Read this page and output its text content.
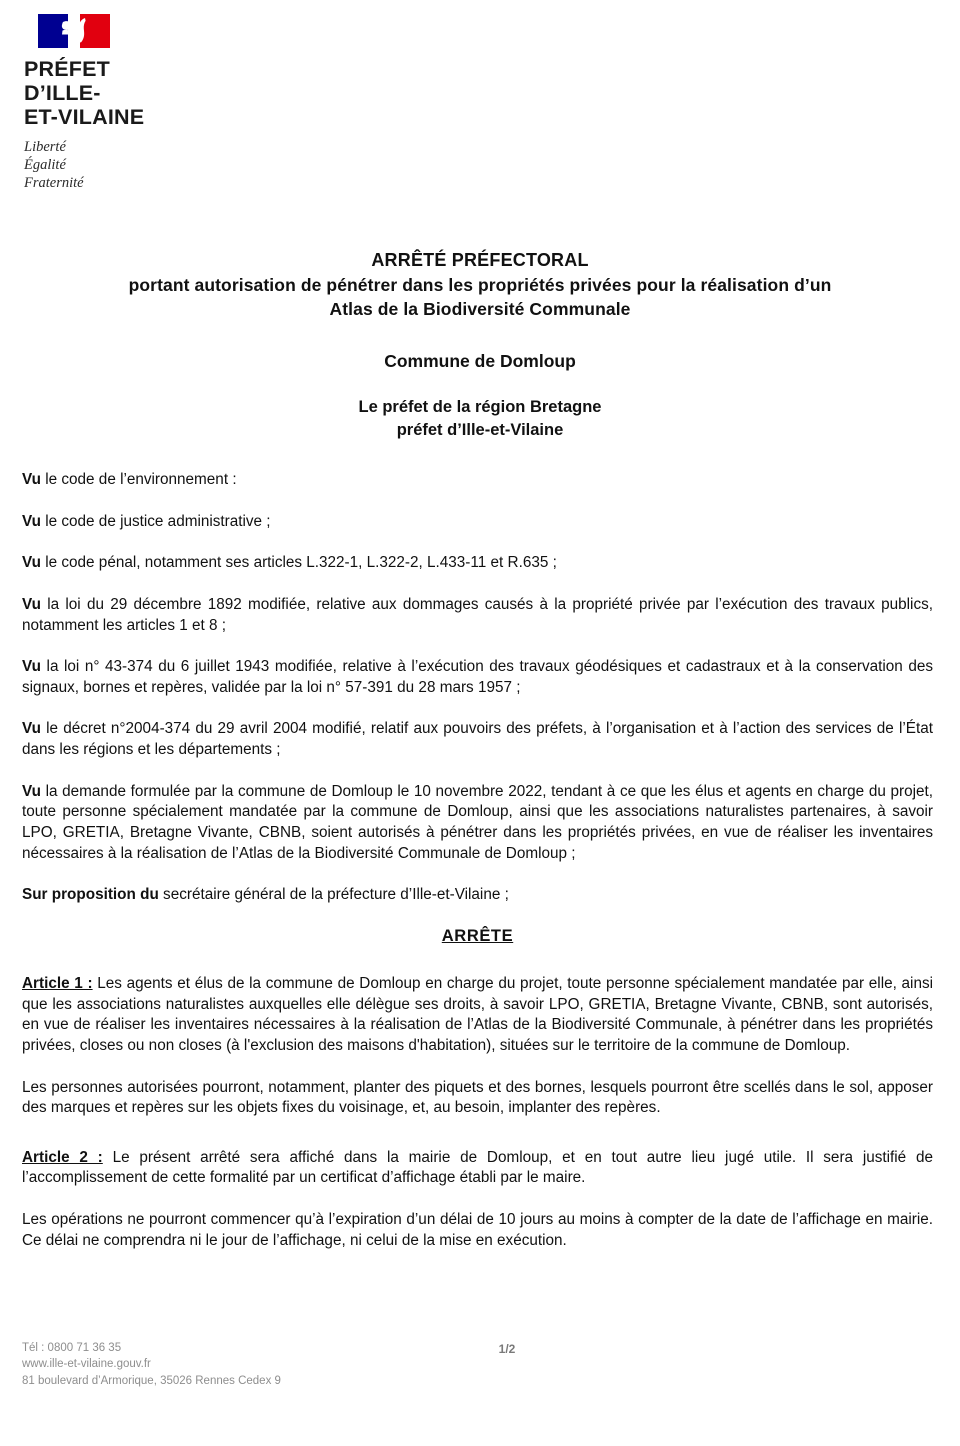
PRÉFET
D’ILLE-
ET-VILAINE
Liberté
Égalité
Fraternité
ARRÊTÉ PRÉFECTORAL
portant autorisation de pénétrer dans les propriétés privées pour la réalisation d’un
Atlas de la Biodiversité Communale
Commune de Domloup
Le préfet de la région Bretagne
préfet d’Ille-et-Vilaine

Vu le code de l’environnement :

Vu le code de justice administrative ;

Vu le code pénal, notamment ses articles L.322-1, L.322-2, L.433-11 et R.635 ;

Vu la loi du 29 décembre 1892 modifiée, relative aux dommages causés à la propriété privée par l’exécution des travaux publics, notamment les articles 1 et 8 ;

Vu la loi n° 43-374 du 6 juillet 1943 modifiée, relative à l’exécution des travaux géodésiques et cadastraux et à la conservation des signaux, bornes et repères, validée par la loi n° 57-391 du 28 mars 1957 ;

Vu le décret n°2004-374 du 29 avril 2004 modifié, relatif aux pouvoirs des préfets, à l’organisation et à l’action des services de l’État dans les régions et les départements ;

Vu la demande formulée par la commune de Domloup le 10 novembre 2022, tendant à ce que les élus et agents en charge du projet, toute personne spécialement mandatée par la commune de Domloup, ainsi que les associations naturalistes partenaires, à savoir LPO, GRETIA, Bretagne Vivante, CBNB, soient autorisés à pénétrer dans les propriétés privées, en vue de réaliser les inventaires nécessaires à la réalisation de l’Atlas de la Biodiversité Communale de Domloup ;

Sur proposition du secrétaire général de la préfecture d’Ille-et-Vilaine ;

ARRÊTE

Article 1 : Les agents et élus de la commune de Domloup en charge du projet, toute personne spécialement mandatée par elle, ainsi que les associations naturalistes auxquelles elle délègue ses droits, à savoir LPO, GRETIA, Bretagne Vivante, CBNB, sont autorisés, en vue de réaliser les inventaires nécessaires à la réalisation de l’Atlas de la Biodiversité Communale, à pénétrer dans les propriétés privées, closes ou non closes (à l'exclusion des maisons d'habitation), situées sur le territoire de la commune de Domloup.

Les personnes autorisées pourront, notamment, planter des piquets et des bornes, lesquels pourront être scellés dans le sol, apposer des marques et repères sur les objets fixes du voisinage, et, au besoin, implanter des repères.

Article 2 : Le présent arrêté sera affiché dans la mairie de Domloup, et en tout autre lieu jugé utile. Il sera justifié de l’accomplissement de cette formalité par un certificat d’affichage établi par le maire.

Les opérations ne pourront commencer qu’à l’expiration d’un délai de 10 jours au moins à compter de la date de l’affichage en mairie. Ce délai ne comprendra ni le jour de l’affichage, ni celui de la mise en exécution.

Tél : 0800 71 36 35
www.ille-et-vilaine.gouv.fr
81 boulevard d’Armorique, 35026 Rennes Cedex 9
1/2
